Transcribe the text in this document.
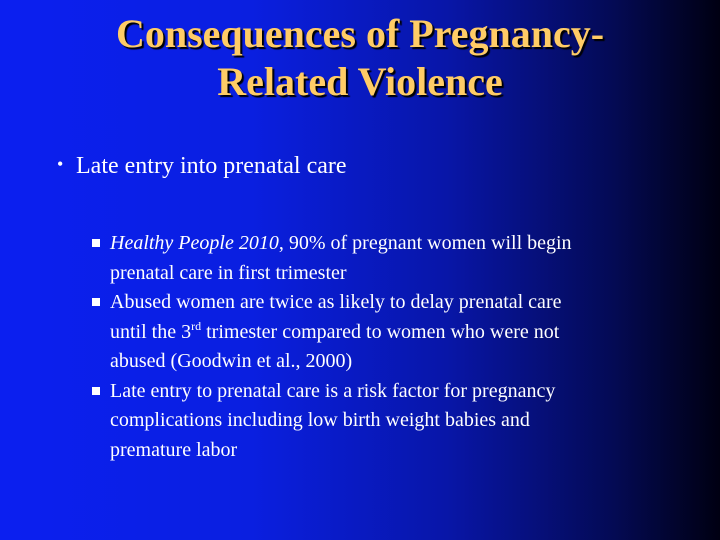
Consequences of Pregnancy-
Related Violence
• Late entry into prenatal care
Healthy People 2010, 90% of pregnant women will begin
prenatal care in first trimester
Abused women are twice as likely to delay prenatal care
until the 3rd trimester compared to women who were not
abused (Goodwin et al., 2000)
Late entry to prenatal care is a risk factor for pregnancy
complications including low birth weight babies and
premature labor
